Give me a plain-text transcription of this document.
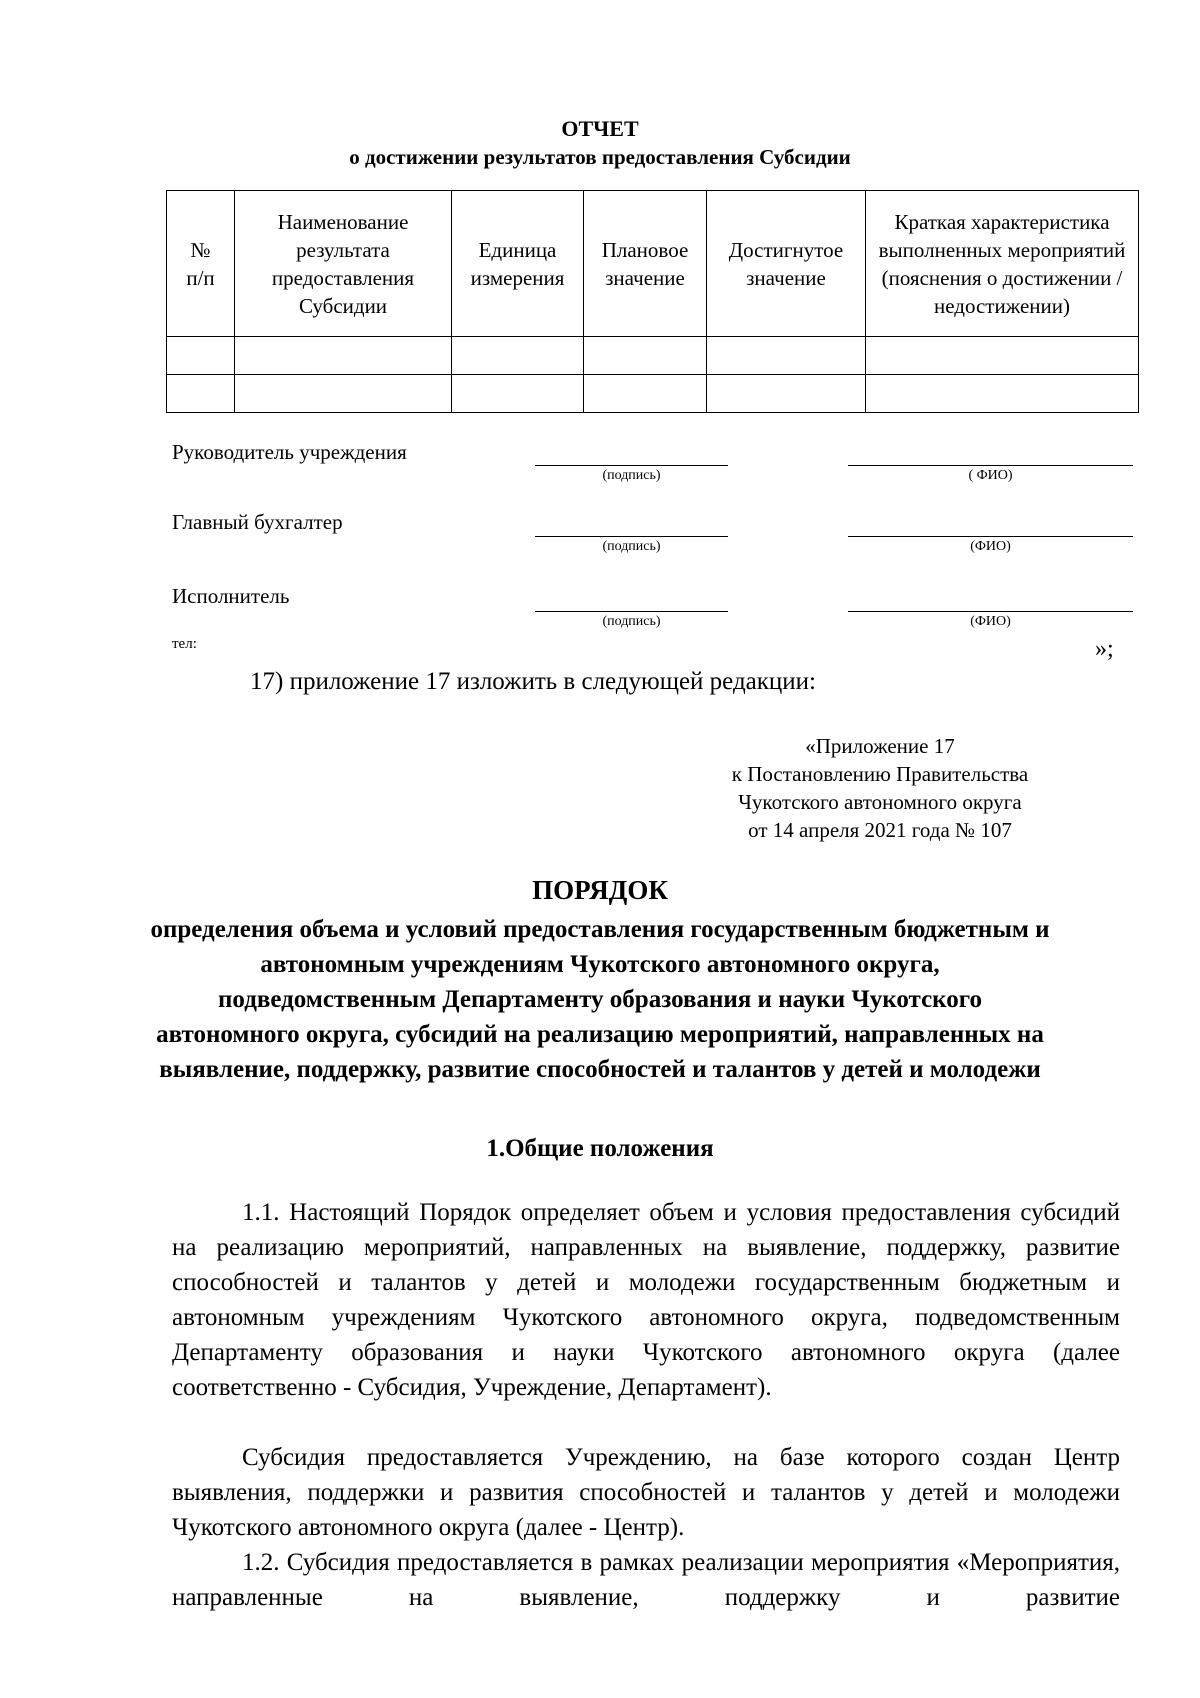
ОТЧЕТ
о достижении результатов предоставления Субсидии
№ п/п	Наименование результата предоставления Субсидии	Единица измерения	Плановое значение	Достигнутое значение	Краткая характеристика выполненных мероприятий (пояснения о достижении / недостижении)

Руководитель учреждения
(подпись)	( ФИО)
Главный бухгалтер
(подпись)	(ФИО)
Исполнитель
(подпись)	(ФИО)
тел:	»;
17) приложение 17 изложить в следующей редакции:
«Приложение 17
к Постановлению Правительства
Чукотского автономного округа
от 14 апреля 2021 года № 107
ПОРЯДОК
определения объема и условий предоставления государственным бюджетным и автономным учреждениям Чукотского автономного округа, подведомственным Департаменту образования и науки Чукотского автономного округа, субсидий на реализацию мероприятий, направленных на выявление, поддержку, развитие способностей и талантов у детей и молодежи
1.Общие положения
1.1. Настоящий Порядок определяет объем и условия предоставления субсидий на реализацию мероприятий, направленных на выявление, поддержку, развитие способностей и талантов у детей и молодежи государственным бюджетным и автономным учреждениям Чукотского автономного округа, подведомственным Департаменту образования и науки Чукотского автономного округа (далее соответственно - Субсидия, Учреждение, Департамент).
Субсидия предоставляется Учреждению, на базе которого создан Центр выявления, поддержки и развития способностей и талантов у детей и молодежи Чукотского автономного округа (далее - Центр).
1.2. Субсидия предоставляется в рамках реализации мероприятия «Мероприятия, направленные на выявление, поддержку и развитие
